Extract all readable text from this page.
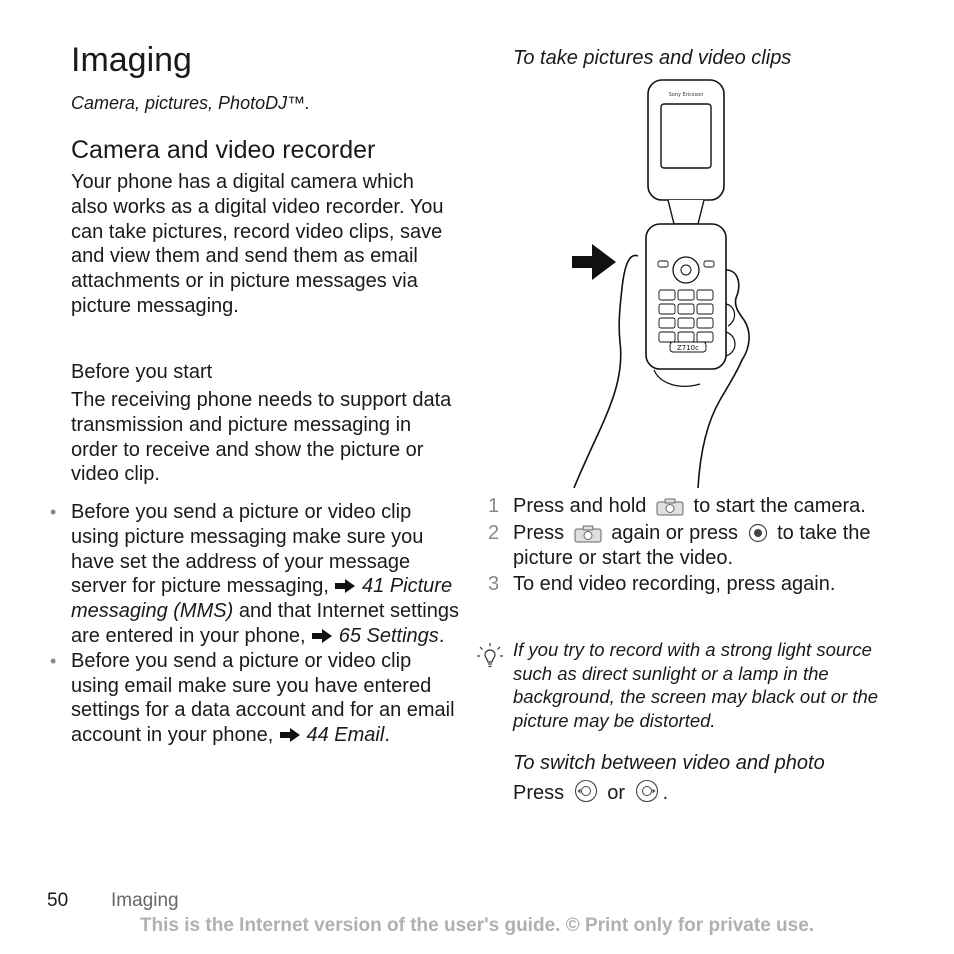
Imaging
Camera, pictures, PhotoDJ™.
Camera and video recorder
Your phone has a digital camera which also works as a digital video recorder. You can take pictures, record video clips, save and view them and send them as email attachments or in picture messages via picture messaging.
Before you start
The receiving phone needs to support data transmission and picture messaging in order to receive and show the picture or video clip.
• Before you send a picture or video clip using picture messaging make sure you have set the address of your message server for picture messaging, 41 Picture messaging (MMS) and that Internet settings are entered in your phone, 65 Settings.
• Before you send a picture or video clip using email make sure you have entered settings for a data account and for an email account in your phone, 44 Email.
To take pictures and video clips
Sony Ericsson
Z710c
1 Press and hold to start the camera.
2 Press again or press to take the picture or start the video.
3 To end video recording, press again.
If you try to record with a strong light source such as direct sunlight or a lamp in the background, the screen may black out or the picture may be distorted.
To switch between video and photo
Press or .
50 Imaging
This is the Internet version of the user's guide. © Print only for private use.
